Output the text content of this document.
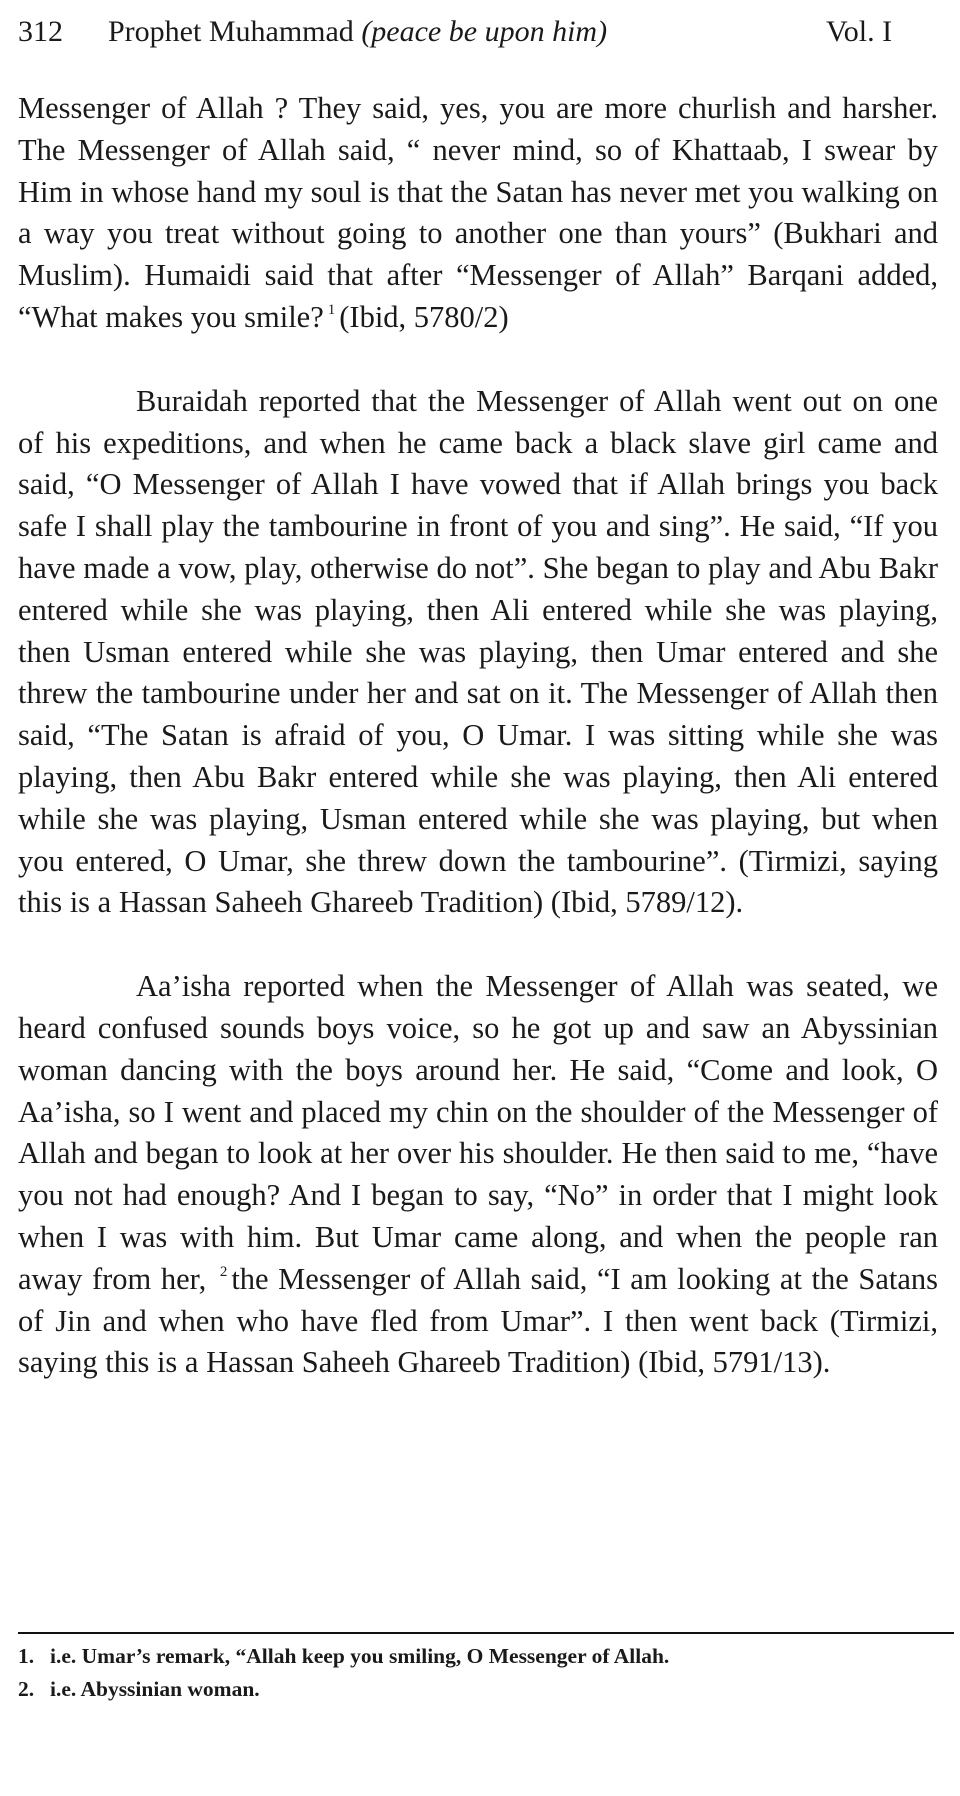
312 Prophet Muhammad (peace be upon him)	Vol. I

Messenger of Allah ? They said, yes, you are more churlish and harsher. The Messenger of Allah said, “ never mind, so of Khattaab, I swear by Him in whose hand my soul is that the Satan has never met you walking on a way you treat without going to another one than yours” (Bukhari and Muslim). Humaidi said that after “Messenger of Allah” Barqani added, “What makes you smile? $^1$ (Ibid, 5780/2)

Buraidah reported that the Messenger of Allah went out on one of his expeditions, and when he came back a black slave girl came and said, “O Messenger of Allah I have vowed that if Allah brings you back safe I shall play the tambourine in front of you and sing”. He said, “If you have made a vow, play, otherwise do not”. She began to play and Abu Bakr entered while she was playing, then Ali entered while she was playing, then Usman entered while she was playing, then Umar entered and she threw the tambourine under her and sat on it. The Messenger of Allah then said, “The Satan is afraid of you, O Umar. I was sitting while she was playing, then Abu Bakr entered while she was playing, then Ali entered while she was playing, Usman entered while she was playing, but when you entered, O Umar, she threw down the tambourine”. (Tirmizi, saying this is a Hassan Saheeh Ghareeb Tradition) (Ibid, 5789/12).

Aa’isha reported when the Messenger of Allah was seated, we heard confused sounds boys voice, so he got up and saw an Abyssinian woman dancing with the boys around her. He said, “Come and look, O Aa’isha, so I went and placed my chin on the shoulder of the Messenger of Allah and began to look at her over his shoulder. He then said to me, “have you not had enough? And I began to say, “No” in order that I might look when I was with him. But Umar came along, and when the people ran away from her, $^2$ the Messenger of Allah said, “I am looking at the Satans of Jin and when who have fled from Umar”. I then went back (Tirmizi, saying this is a Hassan Saheeh Ghareeb Tradition) (Ibid, 5791/13).

1. i.e. Umar’s remark, “Allah keep you smiling, O Messenger of Allah.
2. i.e. Abyssinian woman.
